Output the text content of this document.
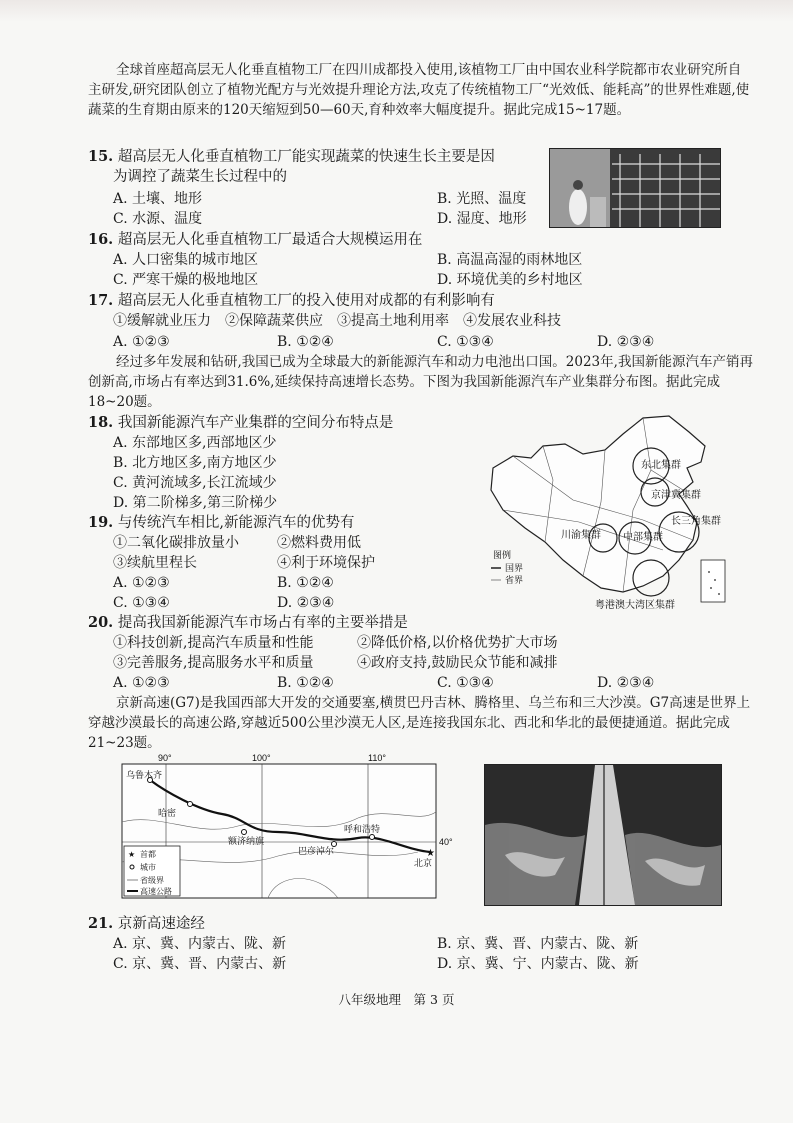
全球首座超高层无人化垂直植物工厂在四川成都投入使用,该植物工厂由中国农业科学院都市农业研究所自主研发,研究团队创立了植物光配方与光效提升理论方法,攻克了传统植物工厂“光效低、能耗高”的世界性难题,使蔬菜的生育期由原来的120天缩短到50—60天,育种效率大幅度提升。据此完成15~17题。
15. 超高层无人化垂直植物工厂能实现蔬菜的快速生长主要是因
为调控了蔬菜生长过程中的
A. 土壤、地形	B. 光照、温度
C. 水源、温度	D. 湿度、地形
16. 超高层无人化垂直植物工厂最适合大规模运用在
A. 人口密集的城市地区	B. 高温高湿的雨林地区
C. 严寒干燥的极地地区	D. 环境优美的乡村地区
17. 超高层无人化垂直植物工厂的投入使用对成都的有利影响有
①缓解就业压力　②保障蔬菜供应　③提高土地利用率　④发展农业科技
A. ①②③	B. ①②④	C. ①③④	D. ②③④
经过多年发展和钻研,我国已成为全球最大的新能源汽车和动力电池出口国。2023年,我国新能源汽车产销再创新高,市场占有率达到31.6%,延续保持高速增长态势。下图为我国新能源汽车产业集群分布图。据此完成18~20题。
18. 我国新能源汽车产业集群的空间分布特点是
A. 东部地区多,西部地区少
B. 北方地区多,南方地区少
C. 黄河流域多,长江流域少
D. 第二阶梯多,第三阶梯少
19. 与传统汽车相比,新能源汽车的优势有
①二氧化碳排放量小	②燃料费用低
③续航里程长	④利于环境保护
A. ①②③	B. ①②④
C. ①③④	D. ②③④
东北集群
京津冀集群
长三角集群
川渝集群 中部集群
粤港澳大湾区集群
图例
国界
省界
20. 提高我国新能源汽车市场占有率的主要举措是
①科技创新,提高汽车质量和性能	②降低价格,以价格优势扩大市场
③完善服务,提高服务水平和质量	④政府支持,鼓励民众节能和减排
A. ①②③	B. ①②④	C. ①③④	D. ②③④
京新高速(G7)是我国西部大开发的交通要塞,横贯巴丹吉林、腾格里、乌兰布和三大沙漠。G7高速是世界上穿越沙漠最长的高速公路,穿越近500公里沙漠无人区,是连接我国东北、西北和华北的最便捷通道。据此完成21~23题。
90°	100°	110°
40°
★
乌鲁木齐
哈密
额济纳旗
巴彦淖尔
呼和浩特
北京
★ 首都
城市
省级界
高速公路
21. 京新高速途经
A. 京、冀、内蒙古、陇、新	B. 京、冀、晋、内蒙古、陇、新
C. 京、冀、晋、内蒙古、新	D. 京、冀、宁、内蒙古、陇、新
八年级地理　第 3 页
